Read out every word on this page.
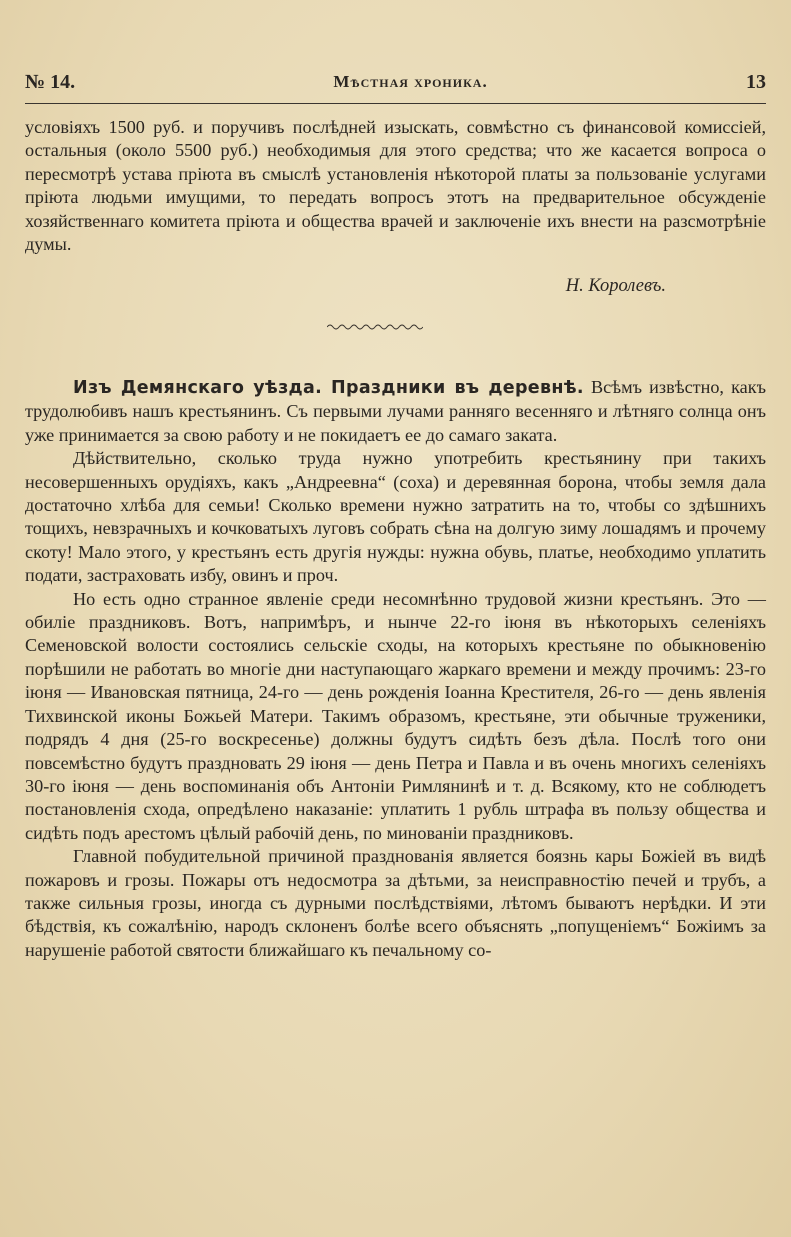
№ 14.	Мѣстная хроника.	13

условіяхъ 1500 руб. и поручивъ послѣдней изыскать, совмѣстно съ финансовой комиссіей, остальныя (около 5500 руб.) необходимыя для этого средства; что же касается вопроса о пересмотрѣ устава пріюта въ смыслѣ установленія нѣкоторой платы за пользованіе услугами пріюта людьми имущими, то передать вопросъ этотъ на предварительное обсужденіе хозяйственнаго комитета пріюта и общества врачей и заключеніе ихъ внести на разсмотрѣніе думы.

Н. Королевъ.

Изъ Демянскаго уѣзда. Праздники въ деревнѣ. Всѣмъ извѣстно, какъ трудолюбивъ нашъ крестьянинъ. Съ первыми лучами ранняго весенняго и лѣтняго солнца онъ уже принимается за свою работу и не покидаетъ ее до самаго заката.

Дѣйствительно, сколько труда нужно употребить крестьянину при такихъ несовершенныхъ орудіяхъ, какъ „Андреевна“ (соха) и деревянная борона, чтобы земля дала достаточно хлѣба для семьи! Сколько времени нужно затратить на то, чтобы со здѣшнихъ тощихъ, невзрачныхъ и кочковатыхъ луговъ собрать сѣна на долгую зиму лошадямъ и прочему скоту! Мало этого, у крестьянъ есть другія нужды: нужна обувь, платье, необходимо уплатить подати, застраховать избу, овинъ и проч.

Но есть одно странное явленіе среди несомнѣнно трудовой жизни крестьянъ. Это — обиліе праздниковъ. Вотъ, напримѣръ, и нынче 22-го іюня въ нѣкоторыхъ селеніяхъ Семеновской волости состоялись сельскіе сходы, на которыхъ крестьяне по обыкновенію порѣшили не работать во многіе дни наступающаго жаркаго времени и между прочимъ: 23-го іюня — Ивановская пятница, 24-го — день рожденія Іоанна Крестителя, 26-го — день явленія Тихвинской иконы Божьей Матери. Такимъ образомъ, крестьяне, эти обычные труженики, подрядъ 4 дня (25-го воскресенье) должны будутъ сидѣть безъ дѣла. Послѣ того они повсемѣстно будутъ праздновать 29 іюня — день Петра и Павла и въ очень многихъ селеніяхъ 30-го іюня — день воспоминанія объ Антоніи Римлянинѣ и т. д. Всякому, кто не соблюдетъ постановленія схода, опредѣлено наказаніе: уплатить 1 рубль штрафа въ пользу общества и сидѣть подъ арестомъ цѣлый рабочій день, по минованіи праздниковъ.

Главной побудительной причиной празднованія является боязнь кары Божіей въ видѣ пожаровъ и грозы. Пожары отъ недосмотра за дѣтьми, за неисправностію печей и трубъ, а также сильныя грозы, иногда съ дурными послѣдствіями, лѣтомъ бываютъ нерѣдки. И эти бѣдствія, къ сожалѣнію, народъ склоненъ болѣе всего объяснять „попущеніемъ“ Божіимъ за нарушеніе работой святости ближайшаго къ печальному со-
